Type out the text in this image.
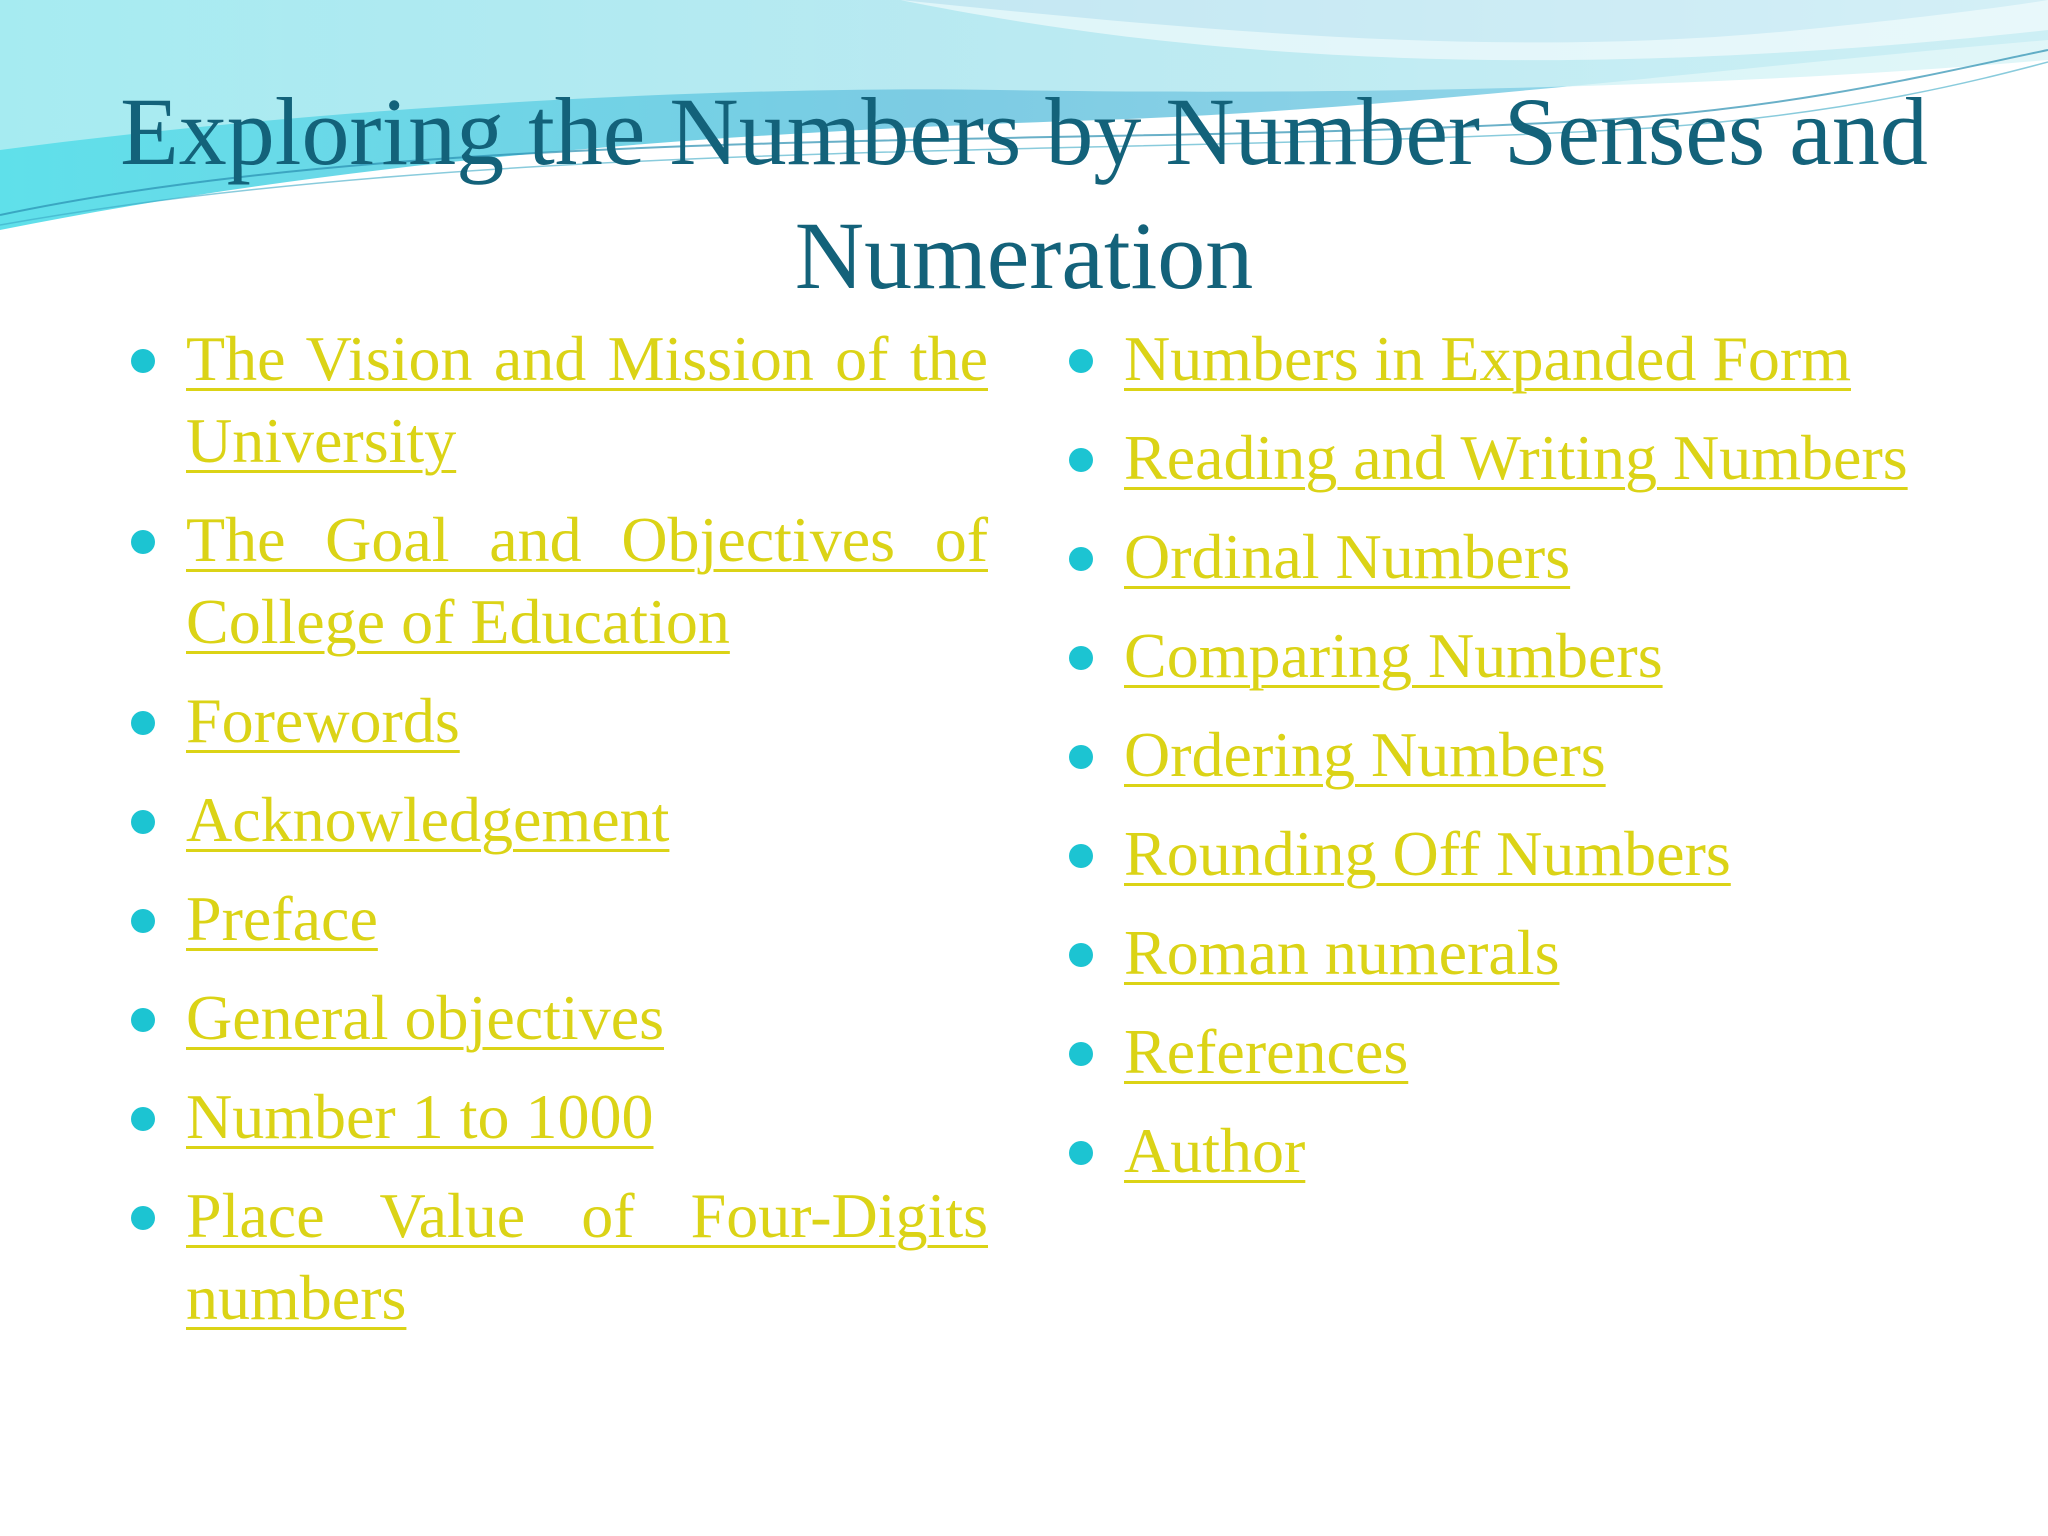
Exploring the Numbers by Number Senses and Numeration
The Vision and Mission of the University
The Goal and Objectives of College of Education
Forewords
Acknowledgement
Preface
General objectives
Number 1 to 1000
Place Value of Four-Digits numbers
Numbers in Expanded Form
Reading and Writing Numbers
Ordinal Numbers
Comparing Numbers
Ordering Numbers
Rounding Off Numbers
Roman numerals
References
Author
